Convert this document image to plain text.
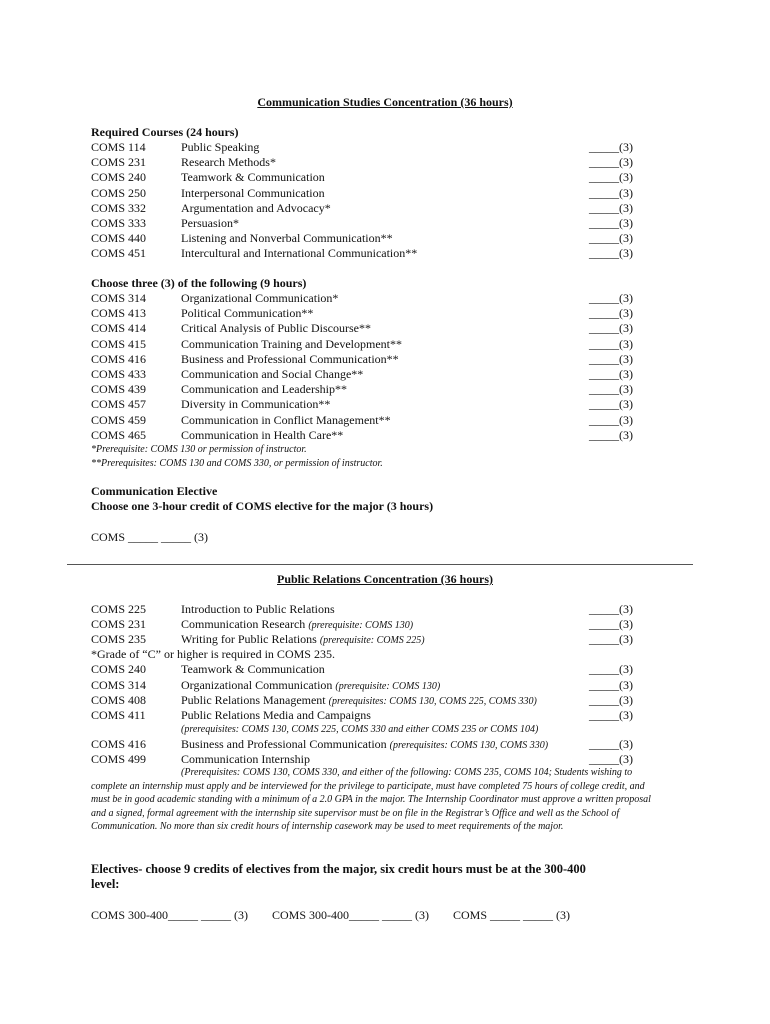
Communication Studies Concentration (36 hours)
Required Courses (24 hours)
COMS 114	Public Speaking	_____(3)
COMS 231	Research Methods*	_____(3)
COMS 240	Teamwork & Communication	_____(3)
COMS 250	Interpersonal Communication	_____(3)
COMS 332	Argumentation and Advocacy*	_____(3)
COMS 333	Persuasion*	_____(3)
COMS 440	Listening and Nonverbal Communication**	_____(3)
COMS 451	Intercultural and International Communication**	_____(3)
Choose three (3) of the following (9 hours)
COMS 314	Organizational Communication*	_____(3)
COMS 413	Political Communication**	_____(3)
COMS 414	Critical Analysis of Public Discourse**	_____(3)
COMS 415	Communication Training and Development**	_____(3)
COMS 416	Business and Professional Communication**	_____(3)
COMS 433	Communication and Social Change**	_____(3)
COMS 439	Communication and Leadership**	_____(3)
COMS 457	Diversity in Communication**	_____(3)
COMS 459	Communication in Conflict Management**	_____(3)
COMS 465	Communication in Health Care**	_____(3)
*Prerequisite: COMS 130 or permission of instructor.
**Prerequisites: COMS 130 and COMS 330, or permission of instructor.
Communication Elective
Choose one 3-hour credit of COMS elective for the major (3 hours)
COMS _____ _____ (3)
Public Relations Concentration (36 hours)
COMS 225	Introduction to Public Relations	_____(3)
COMS 231	Communication Research (prerequisite: COMS 130)	_____(3)
COMS 235	Writing for Public Relations (prerequisite: COMS 225)	_____(3)
COMS 240	Teamwork & Communication	_____(3)
COMS 314	Organizational Communication (prerequisite: COMS 130)	_____(3)
COMS 408	Public Relations Management (prerequisites: COMS 130, COMS 225, COMS 330)	_____(3)
COMS 411	Public Relations Media and Campaigns	_____(3)
COMS 416	Business and Professional Communication (prerequisites: COMS 130, COMS 330)	_____(3)
COMS 499	Communication Internship	_____(3)
*Grade of “C” or higher is required in COMS 235.
(prerequisites: COMS 130, COMS 225, COMS 330 and either COMS 235 or COMS 104)
(Prerequisites: COMS 130, COMS 330, and either of the following: COMS 235, COMS 104; Students wishing to complete an internship must apply and be interviewed for the privilege to participate, must have completed 75 hours of college credit, and must be in good academic standing with a minimum of a 2.0 GPA in the major. The Internship Coordinator must approve a written proposal and a signed, formal agreement with the internship site supervisor must be on file in the Registrar’s Office and well as the School of Communication. No more than six credit hours of internship casework may be used to meet requirements of the major.
Electives- choose 9 credits of electives from the major, six credit hours must be at the 300-400
level:
COMS 300-400_____ _____ (3) COMS 300-400_____ _____ (3) COMS _____ _____ (3)
